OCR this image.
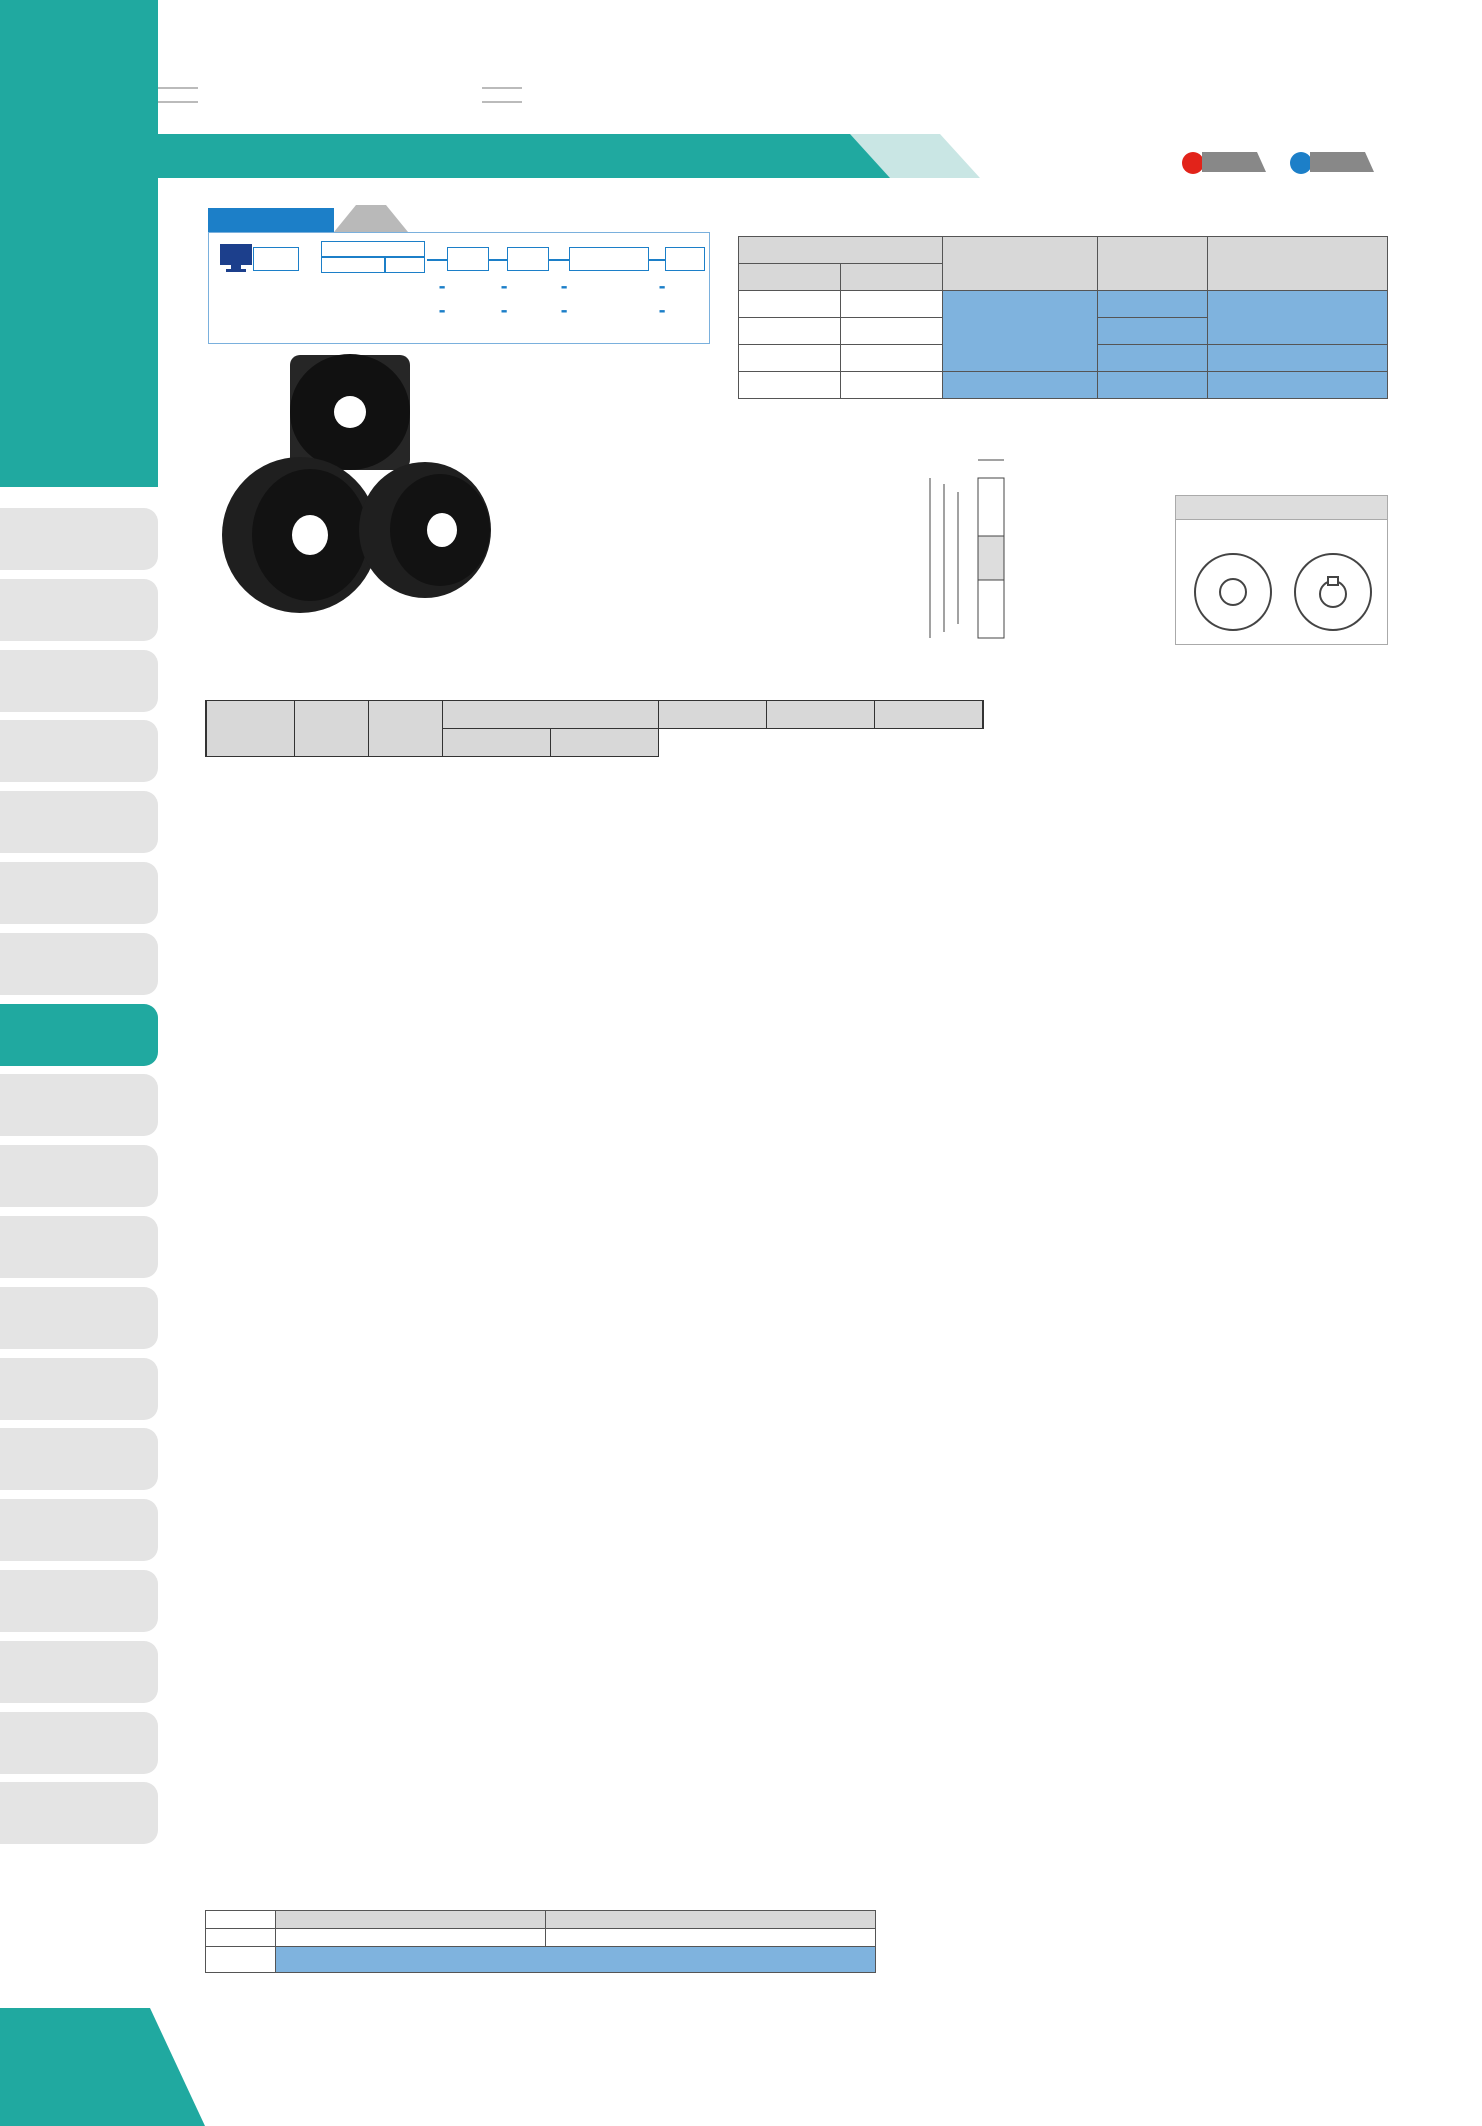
-	-	-	-
-	-	-	-
